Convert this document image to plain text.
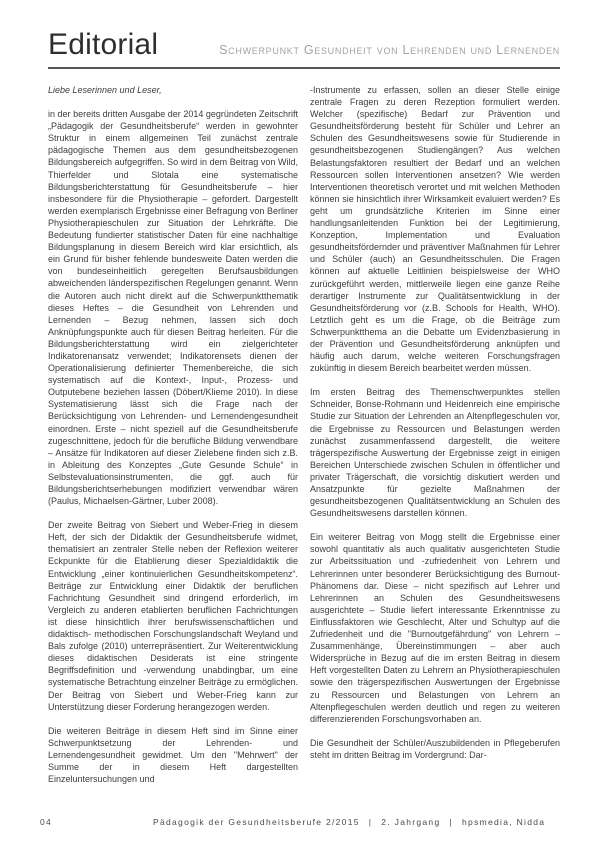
Editorial	Schwerpunkt Gesundheit von Lehrenden und Lernenden

Liebe Leserinnen und Leser,

in der bereits dritten Ausgabe der 2014 gegründeten Zeitschrift „Pädagogik der Gesundheitsberufe“ werden in gewohnter Struktur in einem allgemeinen Teil zunächst zentrale pädagogische Themen aus dem gesundheitsbezogenen Bildungsbereich aufgegriffen. So wird in dem Beitrag von Wild, Thierfelder und Slotala eine systematische Bildungsberichterstattung für Gesundheitsberufe – hier insbesondere für die Physiotherapie – gefordert. Dargestellt werden exemplarisch Ergebnisse einer Befragung von Berliner Physiotherapieschulen zur Situation der Lehrkräfte. Die Bedeutung fundierter statistischer Daten für eine nachhaltige Bildungsplanung in diesem Bereich wird klar ersichtlich, als ein Grund für bisher fehlende bundesweite Daten werden die von bundeseinheitlich geregelten Berufsausbildungen abweichenden länderspezifischen Regelungen genannt. Wenn die Autoren auch nicht direkt auf die Schwerpunktthematik dieses Heftes – die Gesundheit von Lehrenden und Lernenden – Bezug nehmen, lassen sich doch Anknüpfungspunkte auch für diesen Beitrag herleiten. Für die Bildungsberichterstattung wird ein zielgerichteter Indikatorenansatz verwendet; Indikatorensets dienen der Operationalisierung definierter Themenbereiche, die sich systematisch auf die Kontext-, Input-, Prozess- und Outputebene beziehen lassen (Döbert/Klieme 2010). In diese Systematisierung lässt sich die Frage nach der Berücksichtigung von Lehrenden- und Lernendengesundheit einordnen. Erste – nicht speziell auf die Gesundheitsberufe zugeschnittene, jedoch für die berufliche Bildung verwendbare – Ansätze für Indikatoren auf dieser Zielebene finden sich z.B. in Ableitung des Konzeptes „Gute Gesunde Schule“ in Selbstevaluationsinstrumenten, die ggf. auch für Bildungsberichtserhebungen modifiziert verwendbar wären (Paulus, Michaelsen-Gärtner, Luber 2008).

Der zweite Beitrag von Siebert und Weber-Frieg in diesem Heft, der sich der Didaktik der Gesundheitsberufe widmet, thematisiert an zentraler Stelle neben der Reflexion weiterer Eckpunkte für die Etablierung dieser Spezialdidaktik die Entwicklung „einer kontinuierlichen Gesundheitskompetenz“. Beiträge zur Entwicklung einer Didaktik der beruflichen Fachrichtung Gesundheit sind dringend erforderlich, im Vergleich zu anderen etablierten beruflichen Fachrichtungen ist diese hinsichtlich ihrer berufswissenschaftlichen und didaktisch- methodischen Forschungslandschaft Weyland und Bals zufolge (2010) unterrepräsentiert. Zur Weiterentwicklung dieses didaktischen Desiderats ist eine stringente Begriffsdefinition und -verwendung unabdingbar, um eine systematische Betrachtung einzelner Beiträge zu ermöglichen. Der Beitrag von Siebert und Weber-Frieg kann zur Unterstützung dieser Forderung herangezogen werden.

Die weiteren Beiträge in diesem Heft sind im Sinne einer Schwerpunktsetzung der Lehrenden- und Lernendengesundheit gewidmet. Um den "Mehrwert" der Summe der in diesem Heft dargestellten Einzeluntersuchungen und

-Instrumente zu erfassen, sollen an dieser Stelle einige zentrale Fragen zu deren Rezeption formuliert werden. Welcher (spezifische) Bedarf zur Prävention und Gesundheitsförderung besteht für Schüler und Lehrer an Schulen des Gesundheitswesens sowie für Studierende in gesundheitsbezogenen Studiengängen? Aus welchen Belastungsfaktoren resultiert der Bedarf und an welchen Ressourcen sollen Interventionen ansetzen? Wie werden Interventionen theoretisch verortet und mit welchen Methoden können sie hinsichtlich ihrer Wirksamkeit evaluiert werden? Es geht um grundsätzliche Kriterien im Sinne einer handlungsanleitenden Funktion bei der Legitimierung, Konzeption, Implementation und Evaluation gesundheitsfördernder und präventiver Maßnahmen für Lehrer und Schüler (auch) an Gesundheitsschulen. Die Fragen können auf aktuelle Leitlinien beispielsweise der WHO zurückgeführt werden, mittlerweile liegen eine ganze Reihe derartiger Instrumente zur Qualitätsentwicklung in der Gesundheitsförderung vor (z.B. Schools for Health, WHO). Letztlich geht es um die Frage, ob die Beiträge zum Schwerpunktthema an die Debatte um Evidenzbasierung in der Prävention und Gesundheitsförderung anknüpfen und häufig auch darum, welche weiteren Forschungsfragen zukünftig in diesem Bereich bearbeitet werden müssen.

Im ersten Beitrag des Themenschwerpunktes stellen Schneider, Bonse-Rohmann und Heidenreich eine empirische Studie zur Situation der Lehrenden an Altenpflegeschulen vor, die Ergebnisse zu Ressourcen und Belastungen werden zunächst zusammenfassend dargestellt, die weitere trägerspezifische Auswertung der Ergebnisse zeigt in einigen Bereichen Unterschiede zwischen Schulen in öffentlicher und privater Trägerschaft, die vorsichtig diskutiert werden und Ansatzpunkte für gezielte Maßnahmen der gesundheitsbezogenen Qualitätsentwicklung an Schulen des Gesundheitswesens darstellen können.

Ein weiterer Beitrag von Mogg stellt die Ergebnisse einer sowohl quantitativ als auch qualitativ ausgerichteten Studie zur Arbeitssituation und -zufriedenheit von Lehrern und Lehrerinnen unter besonderer Berücksichtigung des Burnout-Phänomens dar. Diese – nicht spezifisch auf Lehrer und Lehrerinnen an Schulen des Gesundheitswesens ausgerichtete – Studie liefert interessante Erkenntnisse zu Einflussfaktoren wie Geschlecht, Alter und Schultyp auf die Zufriedenheit und die "Burnoutgefährdung" von Lehrern – Zusammenhänge, Übereinstimmungen – aber auch Widersprüche in Bezug auf die im ersten Beitrag in diesem Heft vorgestellten Daten zu Lehrern an Physiotherapieschulen sowie den trägerspezifischen Auswertungen der Ergebnisse zu Ressourcen und Belastungen von Lehrern an Altenpflegeschulen werden deutlich und regen zu weiteren differenzierenden Forschungsvorhaben an.

Die Gesundheit der Schüler/Auszubildenden in Pflegeberufen steht im dritten Beitrag im Vordergrund: Dar-

04	Pädagogik der Gesundheitsberufe 2/2015 | 2. Jahrgang | hpsmedia, Nidda
